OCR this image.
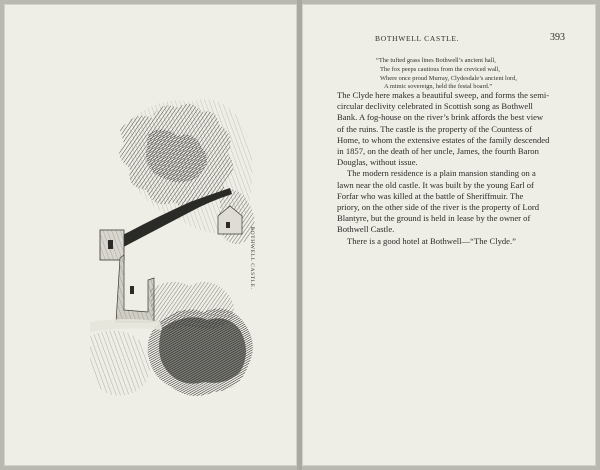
BOTHWELL CASTLE.
BOTHWELL CASTLE.	393
“The tufted grass lines Bothwell’s ancient hall,
The fox peeps cautious from the creviced wall,
Where once proud Murray, Clydesdale’s ancient lord,
A mimic sovereign, held the festal board.”
The Clyde here makes a beautiful sweep, and forms the semi-
circular declivity celebrated in Scottish song as Bothwell
Bank. A fog-house on the river’s brink affords the best view
of the ruins. The castle is the property of the Countess of
Home, to whom the extensive estates of the family descended
in 1857, on the death of her uncle, James, the fourth Baron
Douglas, without issue.
The modern residence is a plain mansion standing on a
lawn near the old castle. It was built by the young Earl of
Forfar who was killed at the battle of Sheriffmuir. The
priory, on the other side of the river is the property of Lord
Blantyre, but the ground is held in lease by the owner of
Bothwell Castle.
There is a good hotel at Bothwell—“The Clyde.”
